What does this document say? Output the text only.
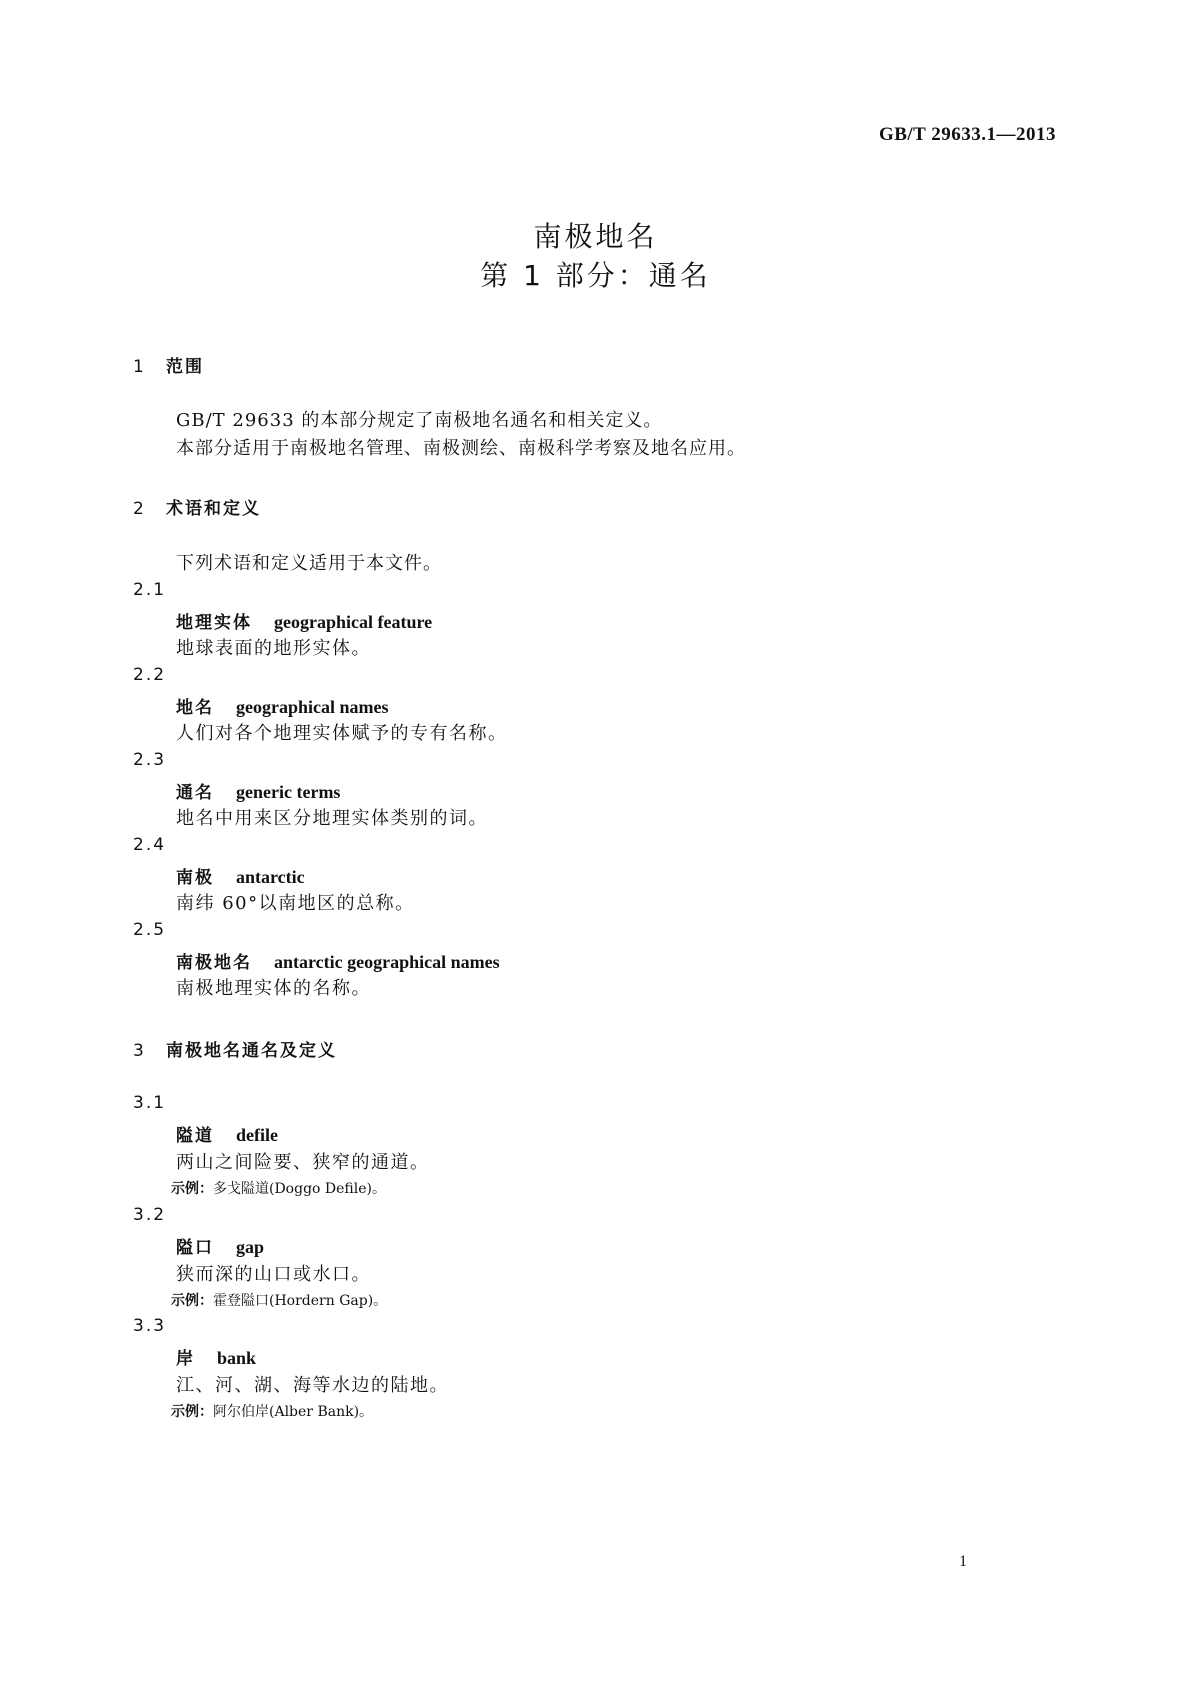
GB/T 29633.1—2013
南极地名
第 1 部分：通名
1 范围
GB/T 29633 的本部分规定了南极地名通名和相关定义。
本部分适用于南极地名管理、南极测绘、南极科学考察及地名应用。
2 术语和定义
下列术语和定义适用于本文件。
2.1
地理实体 geographical feature
地球表面的地形实体。
2.2
地名 geographical names
人们对各个地理实体赋予的专有名称。
2.3
通名 generic terms
地名中用来区分地理实体类别的词。
2.4
南极 antarctic
南纬 60°以南地区的总称。
2.5
南极地名 antarctic geographical names
南极地理实体的名称。
3 南极地名通名及定义
3.1
隘道 defile
两山之间险要、狭窄的通道。
示例：多戈隘道(Doggo Defile)。
3.2
隘口 gap
狭而深的山口或水口。
示例：霍登隘口(Hordern Gap)。
3.3
岸 bank
江、河、湖、海等水边的陆地。
示例：阿尔伯岸(Alber Bank)。
1
